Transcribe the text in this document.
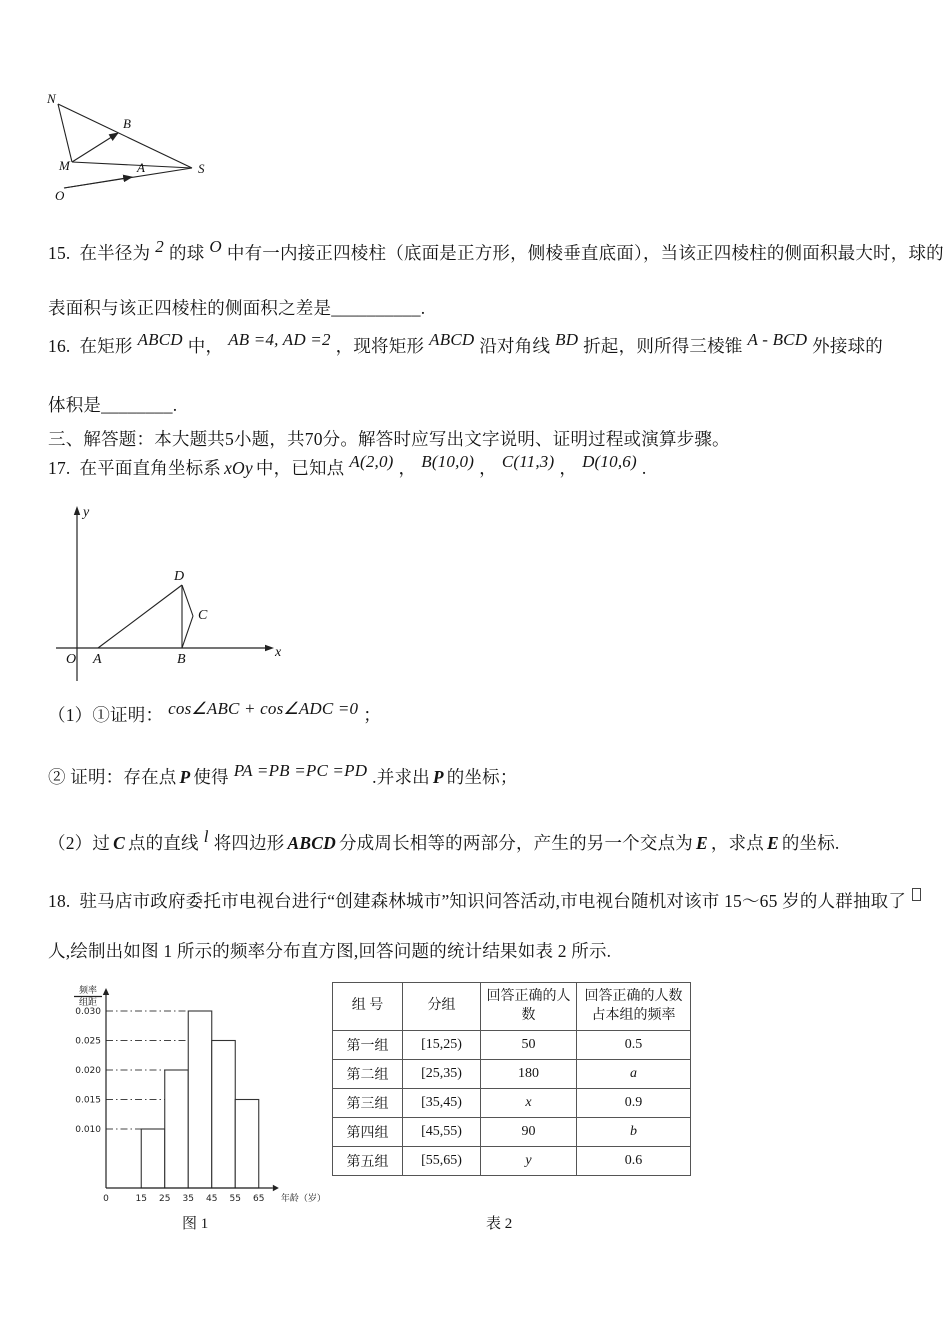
N
B
M	A	S
O

15. 在半径为 2 的球 O 中有一内接正四棱柱（底面是正方形，侧棱垂直底面），当该正四棱柱的侧面积最大时，球的

表面积与该正四棱柱的侧面积之差是__________.

16. 在矩形 ABCD 中， AB =4, AD =2 ，现将矩形 ABCD 沿对角线 BD 折起，则所得三棱锥 A - BCD 外接球的

体积是________.

三、解答题：本大题共5小题，共70分。解答时应写出文字说明、证明过程或演算步骤。

17. 在平面直角坐标系 xOy 中，已知点 A(2,0) ， B(10,0) ， C(11,3) ， D(10,6) .

y
x
O A	B
C
D

（1）①证明： cos∠ABC + cos∠ADC =0 ；

② 证明：存在点 P 使得 PA =PB =PC =PD .并求出 P 的坐标；

（2）过 C 点的直线 l 将四边形 ABCD 分成周长相等的两部分，产生的另一个交点为 E ，求点 E 的坐标.

18. 驻马店市政府委托市电视台进行“创建森林城市”知识问答活动,市电视台随机对该市 15～65 岁的人群抽取了

人,绘制出如图 1 所示的频率分布直方图,回答问题的统计结果如表 2 所示.

0.010
0.015
0.020
0.025
0.030
0	15 25 35 45 55 65 年龄（岁）
频率
组距

图 1

组 号	分组	回答正确的人数	回答正确的人数占本组的频率
第一组	[15,25)	50	0.5
第二组	[25,35)	180	a
第三组	[35,45)	x	0.9
第四组	[45,55)	90	b
第五组	[55,65)	y	0.6

表 2
